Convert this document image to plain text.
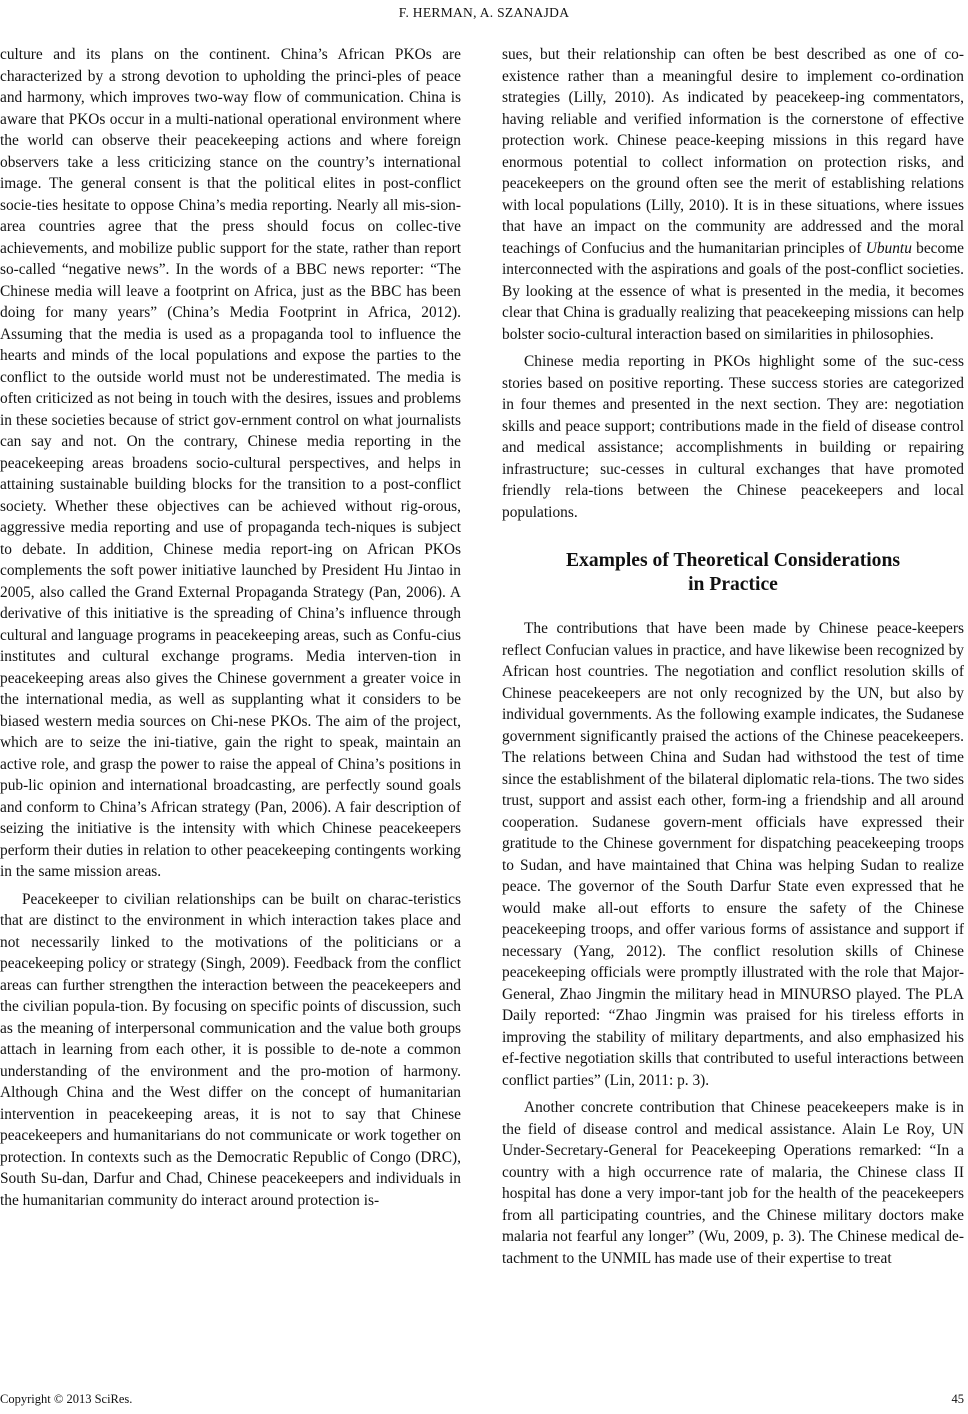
F. HERMAN, A. SZANAJDA

culture and its plans on the continent. China’s African PKOs are characterized by a strong devotion to upholding the princi-ples of peace and harmony, which improves two-way flow of communication. China is aware that PKOs occur in a multi-national operational environment where the world can observe their peacekeeping actions and where foreign observers take a less criticizing stance on the country’s international image. The general consent is that the political elites in post-conflict socie-ties hesitate to oppose China’s media reporting. Nearly all mis-sion-area countries agree that the press should focus on collec-tive achievements, and mobilize public support for the state, rather than report so-called “negative news”. In the words of a BBC news reporter: “The Chinese media will leave a footprint on Africa, just as the BBC has been doing for many years” (China’s Media Footprint in Africa, 2012). Assuming that the media is used as a propaganda tool to influence the hearts and minds of the local populations and expose the parties to the conflict to the outside world must not be underestimated. The media is often criticized as not being in touch with the desires, issues and problems in these societies because of strict gov-ernment control on what journalists can say and not. On the contrary, Chinese media reporting in the peacekeeping areas broadens socio-cultural perspectives, and helps in attaining sustainable building blocks for the transition to a post-conflict society. Whether these objectives can be achieved without rig-orous, aggressive media reporting and use of propaganda tech-niques is subject to debate. In addition, Chinese media report-ing on African PKOs complements the soft power initiative launched by President Hu Jintao in 2005, also called the Grand External Propaganda Strategy (Pan, 2006). A derivative of this initiative is the spreading of China’s influence through cultural and language programs in peacekeeping areas, such as Confu-cius institutes and cultural exchange programs. Media interven-tion in peacekeeping areas also gives the Chinese government a greater voice in the international media, as well as supplanting what it considers to be biased western media sources on Chi-nese PKOs. The aim of the project, which are to seize the ini-tiative, gain the right to speak, maintain an active role, and grasp the power to raise the appeal of China’s positions in pub-lic opinion and international broadcasting, are perfectly sound goals and conform to China’s African strategy (Pan, 2006). A fair description of seizing the initiative is the intensity with which Chinese peacekeepers perform their duties in relation to other peacekeeping contingents working in the same mission areas.

Peacekeeper to civilian relationships can be built on charac-teristics that are distinct to the environment in which interaction takes place and not necessarily linked to the motivations of the politicians or a peacekeeping policy or strategy (Singh, 2009). Feedback from the conflict areas can further strengthen the interaction between the peacekeepers and the civilian popula-tion. By focusing on specific points of discussion, such as the meaning of interpersonal communication and the value both groups attach in learning from each other, it is possible to de-note a common understanding of the environment and the pro-motion of harmony. Although China and the West differ on the concept of humanitarian intervention in peacekeeping areas, it is not to say that Chinese peacekeepers and humanitarians do not communicate or work together on protection. In contexts such as the Democratic Republic of Congo (DRC), South Su-dan, Darfur and Chad, Chinese peacekeepers and individuals in the humanitarian community do interact around protection is-

sues, but their relationship can often be best described as one of co-existence rather than a meaningful desire to implement co-ordination strategies (Lilly, 2010). As indicated by peacekeep-ing commentators, having reliable and verified information is the cornerstone of effective protection work. Chinese peace-keeping missions in this regard have enormous potential to collect information on protection risks, and peacekeepers on the ground often see the merit of establishing relations with local populations (Lilly, 2010). It is in these situations, where issues that have an impact on the community are addressed and the moral teachings of Confucius and the humanitarian principles of Ubuntu become interconnected with the aspirations and goals of the post-conflict societies. By looking at the essence of what is presented in the media, it becomes clear that China is gradually realizing that peacekeeping missions can help bolster socio-cultural interaction based on similarities in philosophies.

Chinese media reporting in PKOs highlight some of the suc-cess stories based on positive reporting. These success stories are categorized in four themes and presented in the next section. They are: negotiation skills and peace support; contributions made in the field of disease control and medical assistance; accomplishments in building or repairing infrastructure; suc-cesses in cultural exchanges that have promoted friendly rela-tions between the Chinese peacekeepers and local populations.

Examples of Theoretical Considerations
in Practice

The contributions that have been made by Chinese peace-keepers reflect Confucian values in practice, and have likewise been recognized by African host countries. The negotiation and conflict resolution skills of Chinese peacekeepers are not only recognized by the UN, but also by individual governments. As the following example indicates, the Sudanese government significantly praised the actions of the Chinese peacekeepers. The relations between China and Sudan had withstood the test of time since the establishment of the bilateral diplomatic rela-tions. The two sides trust, support and assist each other, form-ing a friendship and all around cooperation. Sudanese govern-ment officials have expressed their gratitude to the Chinese government for dispatching peacekeeping troops to Sudan, and have maintained that China was helping Sudan to realize peace. The governor of the South Darfur State even expressed that he would make all-out efforts to ensure the safety of the Chinese peacekeeping troops, and offer various forms of assistance and support if necessary (Yang, 2012). The conflict resolution skills of Chinese peacekeeping officials were promptly illustrated with the role that Major-General, Zhao Jingmin the military head in MINURSO played. The PLA Daily reported: “Zhao Jingmin was praised for his tireless efforts in improving the stability of military departments, and also emphasized his ef-fective negotiation skills that contributed to useful interactions between conflict parties” (Lin, 2011: p. 3).

Another concrete contribution that Chinese peacekeepers make is in the field of disease control and medical assistance. Alain Le Roy, UN Under-Secretary-General for Peacekeeping Operations remarked: “In a country with a high occurrence rate of malaria, the Chinese class II hospital has done a very impor-tant job for the health of the peacekeepers from all participating countries, and the Chinese military doctors make malaria not fearful any longer” (Wu, 2009, p. 3). The Chinese medical de-tachment to the UNMIL has made use of their expertise to treat

Copyright © 2013 SciRes.	45
